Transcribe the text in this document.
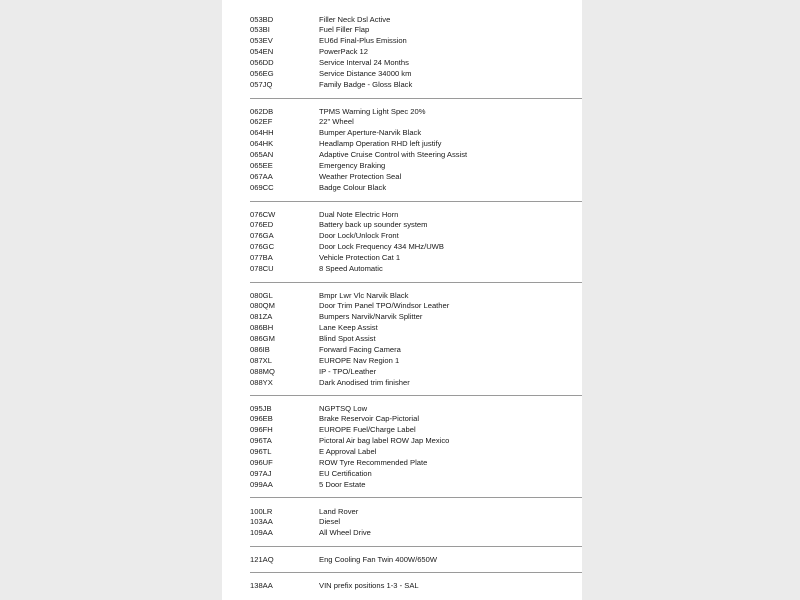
053BD	Filler Neck Dsl Active
053BI	Fuel Filler Flap
053EV	EU6d Final-Plus Emission
054EN	PowerPack 12
056DD	Service Interval 24 Months
056EG	Service Distance 34000 km
057JQ	Family Badge - Gloss Black
062DB	TPMS Warning Light Spec 20%
062EF	22" Wheel
064HH	Bumper Aperture-Narvik Black
064HK	Headlamp Operation RHD left justify
065AN	Adaptive Cruise Control with Steering Assist
065EE	Emergency Braking
067AA	Weather Protection Seal
069CC	Badge Colour Black
076CW	Dual Note Electric Horn
076ED	Battery back up sounder system
076GA	Door Lock/Unlock Front
076GC	Door Lock Frequency 434 MHz/UWB
077BA	Vehicle Protection Cat 1
078CU	8 Speed Automatic
080GL	Bmpr Lwr Vlc Narvik Black
080QM	Door Trim Panel TPO/Windsor Leather
081ZA	Bumpers Narvik/Narvik Splitter
086BH	Lane Keep Assist
086GM	Blind Spot Assist
086IB	Forward Facing Camera
087XL	EUROPE Nav Region 1
088MQ	IP - TPO/Leather
088YX	Dark Anodised trim finisher
095JB	NGPTSQ Low
096EB	Brake Reservoir Cap-Pictorial
096FH	EUROPE Fuel/Charge Label
096TA	Pictoral Air bag label ROW Jap Mexico
096TL	E Approval Label
096UF	ROW Tyre Recommended Plate
097AJ	EU Certification
099AA	5 Door Estate
100LR	Land Rover
103AA	Diesel
109AA	All Wheel Drive
121AQ	Eng Cooling Fan Twin 400W/650W
138AA	VIN prefix positions 1-3 - SAL
